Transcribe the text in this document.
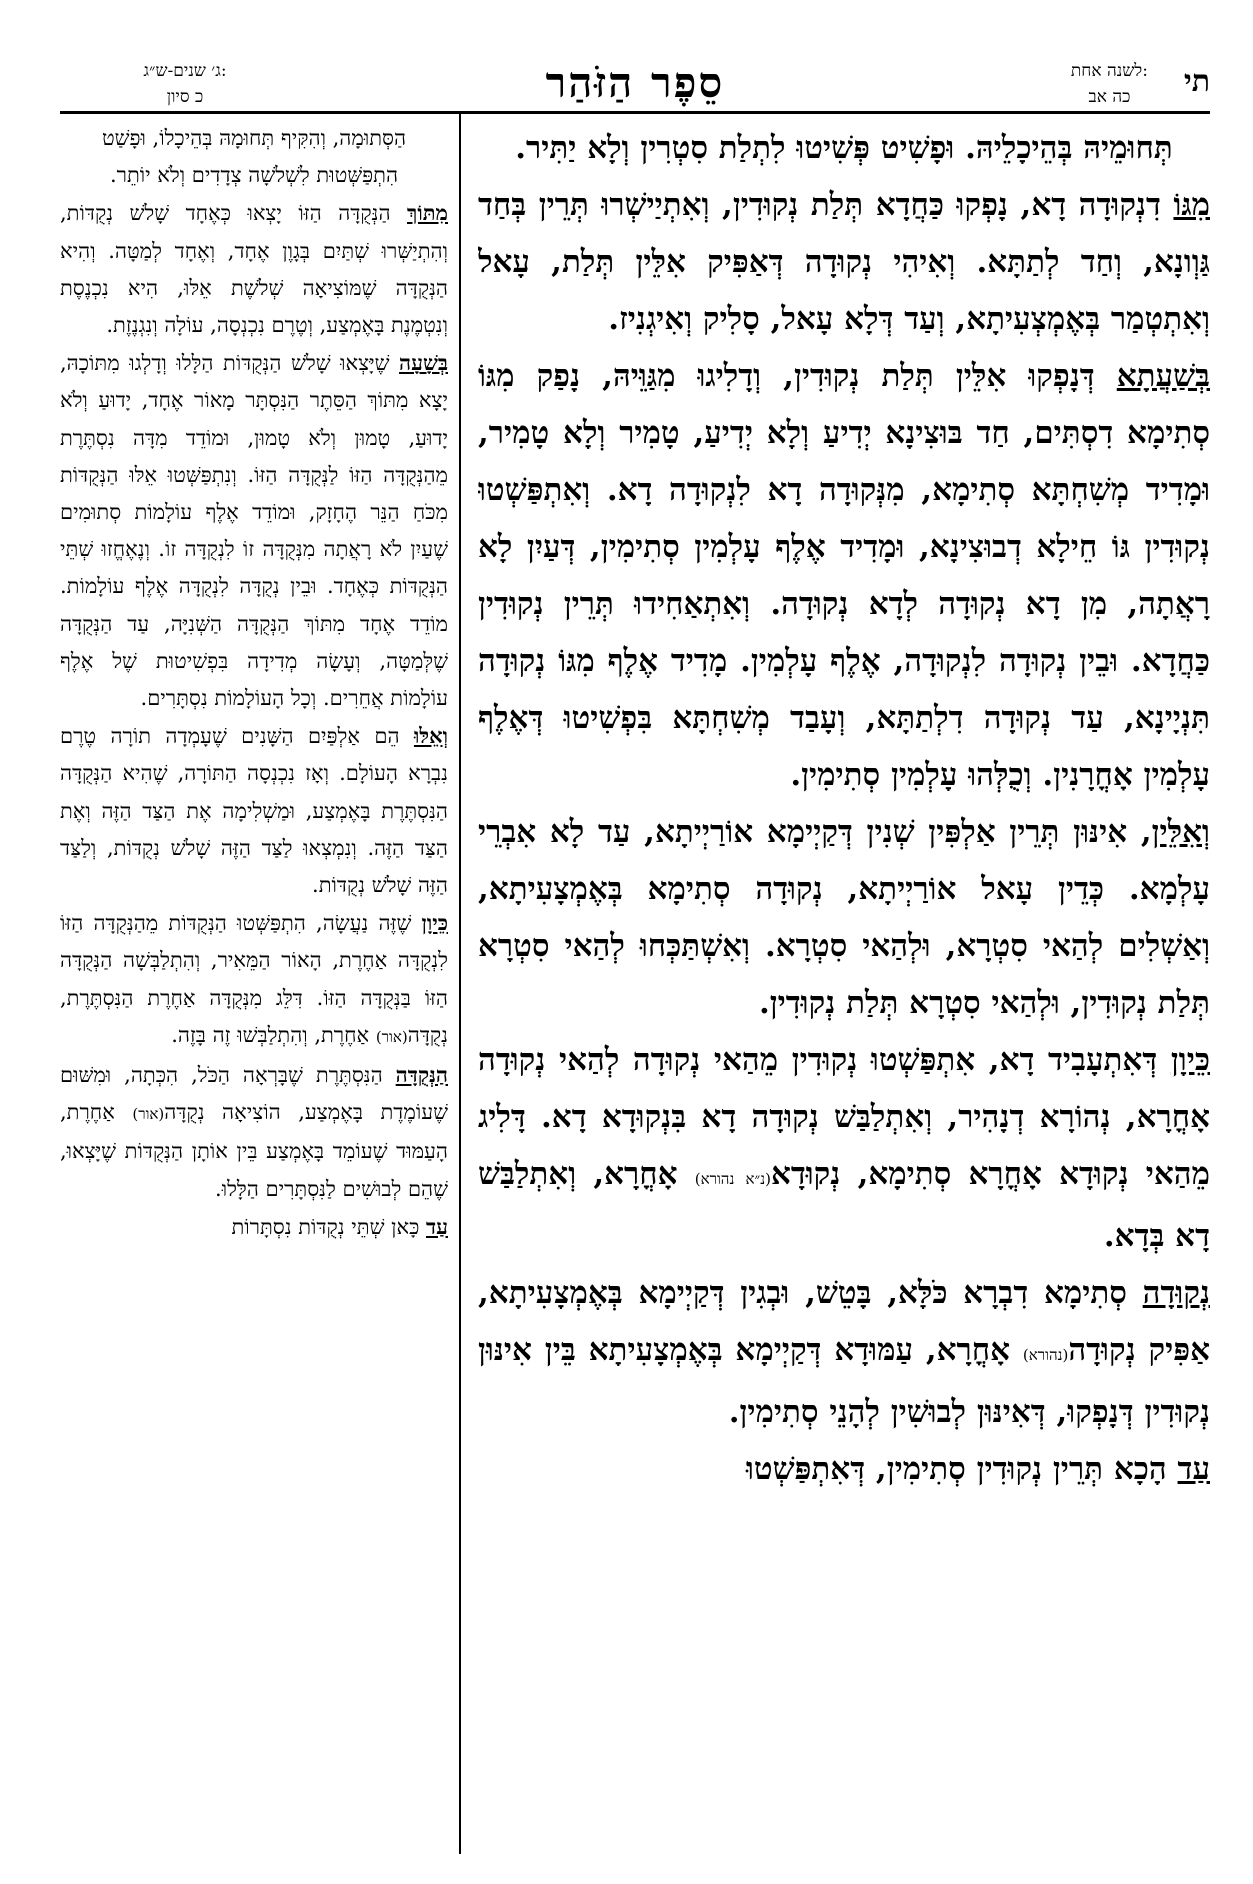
תי
לשנה אחת:
כה אב
סֵפֶר הַזֹּהַר
ג׳ שנים-ש״ג:
כ סיון

תְּחוּמֵיהּ בְּהֵיכָלֵיהּ. וּפָשִׁיט פְּשִׁיטוּ לִתְלַת סִטְרִין וְלָא יַתִּיר.

מִגּוֹ דִנְקוּדָה דָא, נָפְקוּ כַּחֲדָא תְּלַת נְקוּדִין, וְאִתְיַישְׁרוּ תְּרֵין בְּחַד גַּוְונָא, וְחַד לְתַתָּא. וְאִיהִי נְקוּדָה דְּאַפִּיק אִלֵּין תְּלַת, עָאל וְאִתְטְמַר בְּאֶמְצְעִיתָא, וְעַד דְּלָא עָאל, סָלִיק וְאִיגְנִיז.

בְּשַׁעֲתָא דְּנָפְקוּ אִלֵּין תְּלַת נְקוּדִין, וְדָלִיגוּ מִגַּוֵּיהּ, נָפַק מִגּוֹ סְתִימָא דִסְתִּים, חַד בּוּצִינָא יְדִיעַ וְלָא יְדִיעַ, טָמִיר וְלָא טָמִיר, וּמָדִיד מְשִׁחְתָּא סְתִימָא, מִנְּקוּדָה דָא לִנְקוּדָה דָא. וְאִתְפַּשְׁטוּ נְקוּדִין גּוֹ חֵילָא דְבוּצִינָא, וּמָדִיד אֶלֶף עָלְמִין סְתִימִין, דְּעַיִן לָא רָאֲתָה, מִן דָא נְקוּדָה לְדָא נְקוּדָה. וְאִתְאַחִידוּ תְּרֵין נְקוּדִין כַּחֲדָא. וּבֵין נְקוּדָה לִנְקוּדָה, אֶלֶף עָלְמִין. מָדִיד אֶלֶף מִגּוֹ נְקוּדָה תִּנְיָינָא, עַד נְקוּדָה דִלְתַתָּא, וְעָבַד מְשִׁחְתָּא בִּפְשִׁיטוּ דְּאֶלֶף עָלְמִין אָחֳרָנִין. וְכֻלְּהוּ עָלְמִין סְתִימִין.

וְאִלֵּין, אִינּוּן תְּרֵין אַלְפִּין שְׁנִין דְּקַיְימָא אוֹרַיְיתָא, עַד לָא אִבְרֵי עָלְמָא. כְּדֵין עָאל אוֹרַיְיתָא, נְקוּדָה סְתִימָא בְּאֶמְצָעִיתָא, וְאַשְׁלִים לְהַאי סִטְרָא, וּלְהַאי סִטְרָא. וְאִשְׁתַּכְּחוּ לְהַאי סִטְרָא תְּלַת נְקוּדִין, וּלְהַאי סִטְרָא תְּלַת נְקוּדִין.

כֵּיוָן דְּאִתְעָבִיד דָא, אִתְפַּשְׁטוּ נְקוּדִין מֵהַאי נְקוּדָה לְהַאי נְקוּדָה אָחֳרָא, נְהוֹרָא דְנָהִיר, וְאִתְלַבַּשׁ נְקוּדָה דָא בִּנְקוּדָא דָא. דָּלִיג מֵהַאי נְקוּדָא אָחֳרָא סְתִימָא, נְקוּדָא(נ״א נהורא) אָחֳרָא, וְאִתְלַבַּשׁ דָא בְּדָא.

נְקוּדָה סְתִימָא דִבְרָא כֹּלָּא, בָּטֵשׁ, וּבְגִין דְּקַיְימָא בְּאֶמְצָעִיתָא, אַפִּיק נְקוּדָה(נהורא) אָחֳרָא, עַמּוּדָא דְּקַיְימָא בְּאֶמְצָעִיתָא בֵּין אִינּוּן נְקוּדִין דְּנָפְקוּ, דְּאִינּוּן לְבוּשִׁין לְהָנֵי סְתִימִין.

עַד הָכָא תְּרֵין נְקוּדִין סְתִימִין, דְּאִתְפַּשְׁטוּ

הַסְּתוּמָה, וְהִקִּיף תְּחוּמָהּ בְּהֵיכָלוֹ, וּפָשַׁט הִתְפַּשְּׁטוּת לִשְׁלֹשָׁה צְדָדִים וְלֹא יוֹתֵר.

מִתּוֹךְ הַנְּקֻדָּה הַזּוֹ יָצְאוּ כְּאֶחָד שָׁלֹשׁ נְקֻדּוֹת, וְהִתְיַשְּׁרוּ שְׁתַּיִם בְּגָוֶן אֶחָד, וְאֶחָד לְמַטָּה. וְהִיא הַנְּקֻדָּה שֶׁמּוֹצִיאָה שְׁלֹשֶׁת אֵלּוּ, הִיא נִכְנֶסֶת וְנִטְמֶנֶת בָּאֶמְצַע, וְטֶרֶם נִכְנְסָה, עוֹלָה וְנִגְנֶזֶת.

בְּשָׁעָה שֶׁיָּצְאוּ שָׁלֹשׁ הַנְּקֻדּוֹת הַלָּלוּ וְדָלְגוּ מִתּוֹכָהּ, יָצָא מִתּוֹךְ הַסֵּתֶר הַנִּסְתָּר מָאוֹר אֶחָד, יָדוּעַ וְלֹא יָדוּעַ, טָמוּן וְלֹא טָמוּן, וּמוֹדֵד מִדָּה נִסְתֶּרֶת מֵהַנְּקֻדָּה הַזּוֹ לַנְּקֻדָּה הַזּוֹ. וְנִתְפַּשְּׁטוּ אֵלּוּ הַנְּקֻדּוֹת מִכֹּחַ הַנֵּר הֶחָזָק, וּמוֹדֵד אֶלֶף עוֹלָמוֹת סְתוּמִים שֶׁעַיִן לֹא רָאֲתָה מִנְּקֻדָּה זוֹ לִנְקֻדָּה זוֹ. וְנֶאֶחֱזוּ שְׁתֵּי הַנְּקֻדּוֹת כְּאֶחָד. וּבֵין נְקֻדָּה לִנְקֻדָּה אֶלֶף עוֹלָמוֹת. מוֹדֵד אֶחָד מִתּוֹךְ הַנְּקֻדָּה הַשְּׁנִיָּה, עַד הַנְּקֻדָּה שֶׁלְּמַטָּה, וְעָשָׂה מְדִידָה בִּפְשִׁיטוּת שֶׁל אֶלֶף עוֹלָמוֹת אֲחֵרִים. וְכָל הָעוֹלָמוֹת נִסְתָּרִים.

וְאֵלּוּ הֵם אַלְפַּיִם הַשָּׁנִים שֶׁעָמְדָה תוֹרָה טֶרֶם נִבְרָא הָעוֹלָם. וְאָז נִכְנְסָה הַתּוֹרָה, שֶׁהִיא הַנְּקֻדָּה הַנִּסְתֶּרֶת בָּאֶמְצַע, וּמַשְׁלִימָה אֶת הַצַּד הַזֶּה וְאֶת הַצַּד הַזֶּה. וְנִמְצְאוּ לַצַּד הַזֶּה שָׁלֹשׁ נְקֻדּוֹת, וְלַצַּד הַזֶּה שָׁלֹשׁ נְקֻדּוֹת.

כֵּיוָן שֶׁזֶּה נַעֲשָׂה, הִתְפַּשְּׁטוּ הַנְּקֻדּוֹת מֵהַנְּקֻדָּה הַזּוֹ לִנְקֻדָּה אַחֶרֶת, הָאוֹר הַמֵּאִיר, וְהִתְלַבְּשָׁה הַנְּקֻדָּה הַזּוֹ בַּנְּקֻדָּה הַזּוֹ. דִּלֵּג מִנְּקֻדָּה אַחֶרֶת הַנִּסְתֶּרֶת, נְקֻדָּה(אור) אַחֶרֶת, וְהִתְלַבְּשׁוּ זֶה בָּזֶה.

הַנְּקֻדָּה הַנִּסְתֶּרֶת שֶׁבָּרְאָה הַכֹּל, הִכְּתָה, וּמִשּׁוּם שֶׁעוֹמֶדֶת בָּאֶמְצַע, הוֹצִיאָה נְקֻדָּה(אור) אַחֶרֶת, הָעַמּוּד שֶׁעוֹמֵד בָּאֶמְצַע בֵּין אוֹתָן הַנְּקֻדּוֹת שֶׁיָּצְאוּ, שֶׁהֵם לְבוּשִׁים לַנִּסְתָּרִים הַלָּלוּ.

עַד כָּאן שְׁתֵּי נְקֻדּוֹת נִסְתָּרוֹת
